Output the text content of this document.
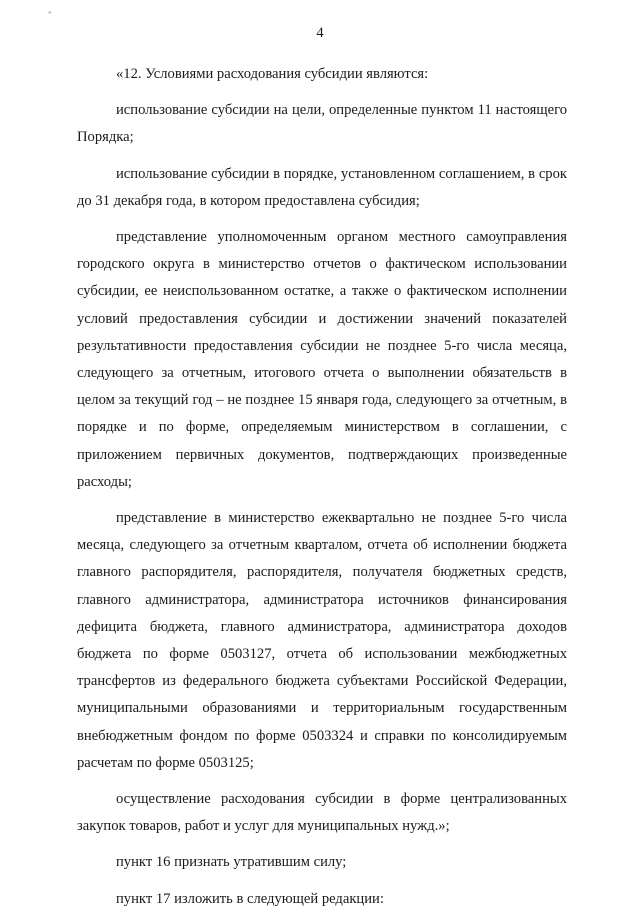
"
4

«12. Условиями расходования субсидии являются:

использование субсидии на цели, определенные пунктом 11 настоящего Порядка;

использование субсидии в порядке, установленном соглашением, в срок до 31 декабря года, в котором предоставлена субсидия;

представление уполномоченным органом местного самоуправления городского округа в министерство отчетов о фактическом использовании субсидии, ее неиспользованном остатке, а также о фактическом исполнении условий предоставления субсидии и достижении значений показателей результативности предоставления субсидии не позднее 5-го числа месяца, следующего за отчетным, итогового отчета о выполнении обязательств в целом за текущий год – не позднее 15 января года, следующего за отчетным, в порядке и по форме, определяемым министерством в соглашении, с приложением первичных документов, подтверждающих произведенные расходы;

представление в министерство ежеквартально не позднее 5-го числа месяца, следующего за отчетным кварталом, отчета об исполнении бюджета главного распорядителя, распорядителя, получателя бюджетных средств, главного администратора, администратора источников финансирования дефицита бюджета, главного администратора, администратора доходов бюджета по форме 0503127, отчета об использовании межбюджетных трансфертов из федерального бюджета субъектами Российской Федерации, муниципальными образованиями и территориальным государственным внебюджетным фондом по форме 0503324 и справки по консолидируемым расчетам по форме 0503125;

осуществление расходования субсидии в форме централизованных закупок товаров, работ и услуг для муниципальных нужд.»;

пункт 16 признать утратившим силу;

пункт 17 изложить в следующей редакции:
